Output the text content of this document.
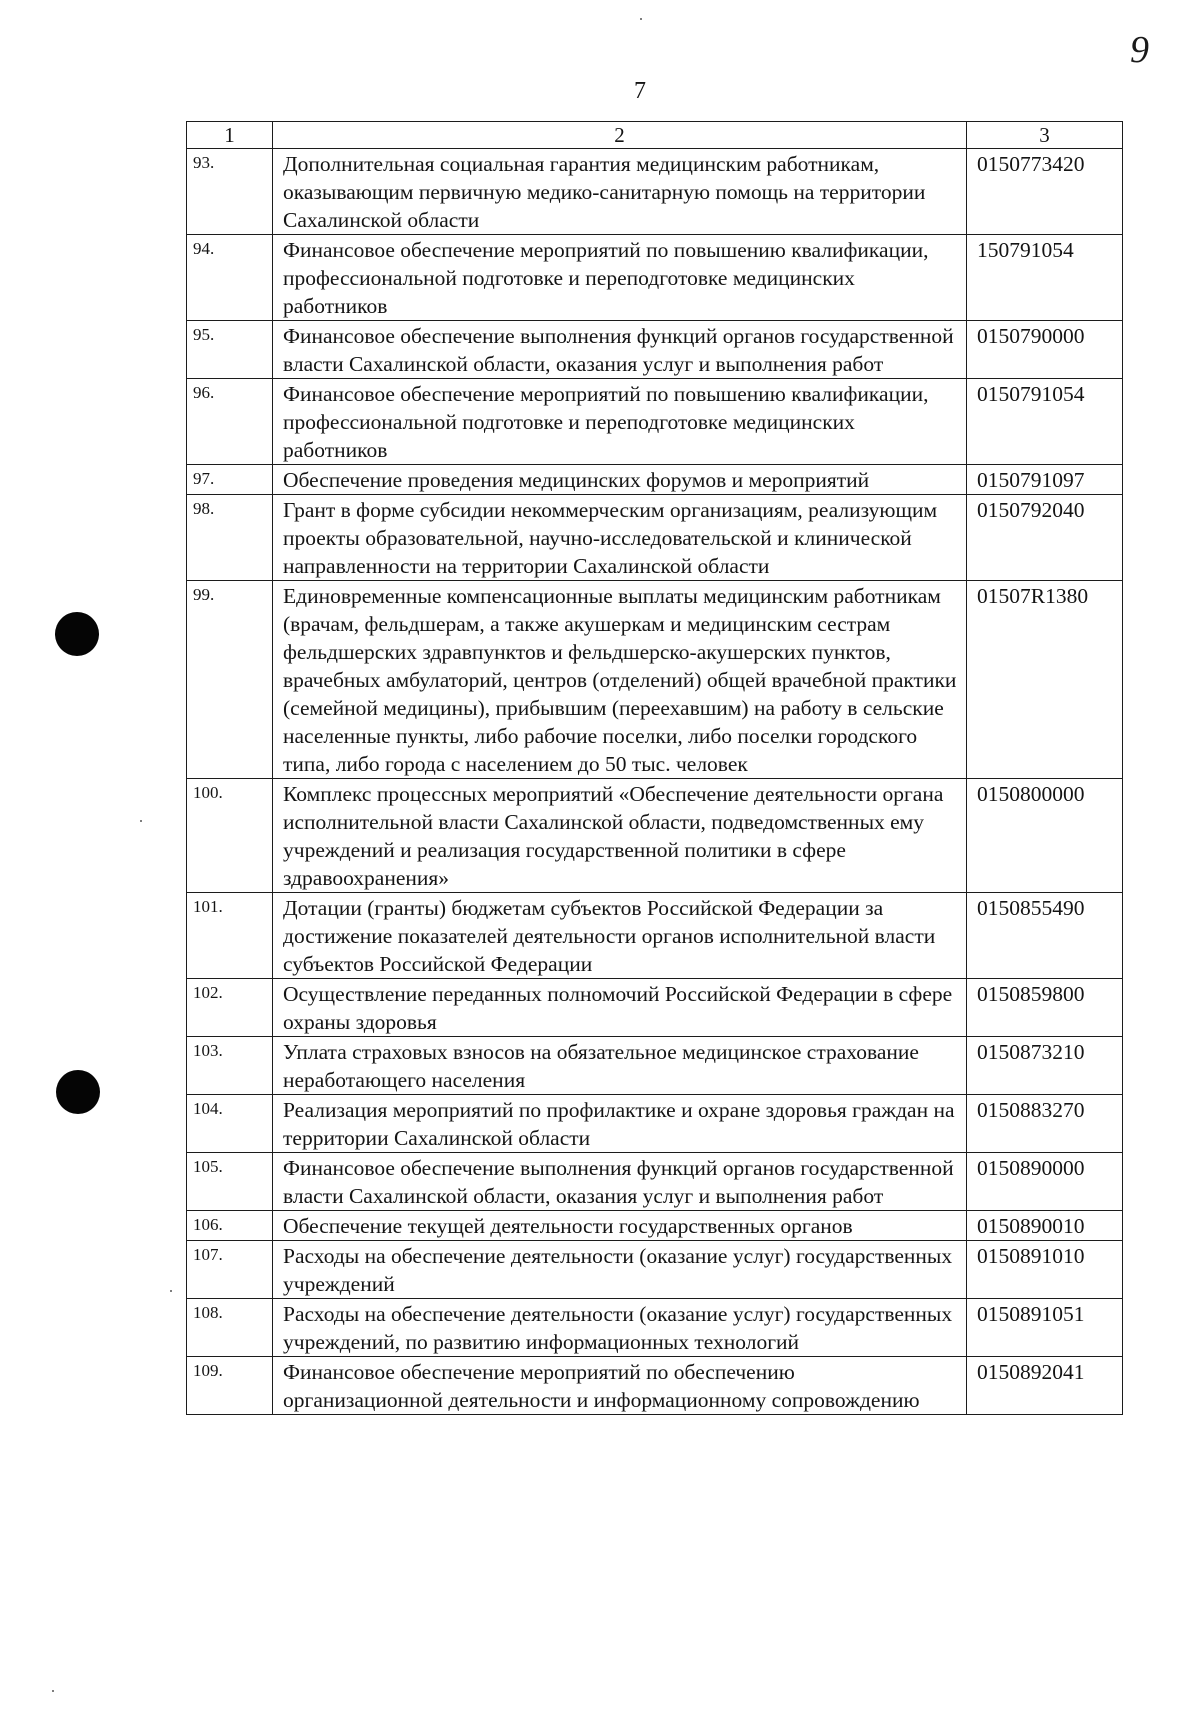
7
9
1	2	3
93.	Дополнительная социальная гарантия медицинским работникам, оказывающим первичную медико-санитарную помощь на территории Сахалинской области	0150773420
94.	Финансовое обеспечение мероприятий по повышению квалификации, профессиональной подготовке и переподготовке медицинских работников	150791054
95.	Финансовое обеспечение выполнения функций органов государственной власти Сахалинской области, оказания услуг и выполнения работ	0150790000
96.	Финансовое обеспечение мероприятий по повышению квалификации, профессиональной подготовке и переподготовке медицинских работников	0150791054
97.	Обеспечение проведения медицинских форумов и мероприятий	0150791097
98.	Грант в форме субсидии некоммерческим организациям, реализующим проекты образовательной, научно-исследовательской и клинической направленности на территории Сахалинской области	0150792040
99.	Единовременные компенсационные выплаты медицинским работникам (врачам, фельдшерам, а также акушеркам и медицинским сестрам фельдшерских здравпунктов и фельдшерско-акушерских пунктов, врачебных амбулаторий, центров (отделений) общей врачебной практики (семейной медицины), прибывшим (переехавшим) на работу в сельские населенные пункты, либо рабочие поселки, либо поселки городского типа, либо города с населением до 50 тыс. человек	01507R1380
100.	Комплекс процессных мероприятий «Обеспечение деятельности органа исполнительной власти Сахалинской области, подведомственных ему учреждений и реализация государственной политики в сфере здравоохранения»	0150800000
101.	Дотации (гранты) бюджетам субъектов Российской Федерации за достижение показателей деятельности органов исполнительной власти субъектов Российской Федерации	0150855490
102.	Осуществление переданных полномочий Российской Федерации в сфере охраны здоровья	0150859800
103.	Уплата страховых взносов на обязательное медицинское страхование неработающего населения	0150873210
104.	Реализация мероприятий по профилактике и охране здоровья граждан на территории Сахалинской области	0150883270
105.	Финансовое обеспечение выполнения функций органов государственной власти Сахалинской области, оказания услуг и выполнения работ	0150890000
106.	Обеспечение текущей деятельности государственных органов	0150890010
107.	Расходы на обеспечение деятельности (оказание услуг) государственных учреждений	0150891010
108.	Расходы на обеспечение деятельности (оказание услуг) государственных учреждений, по развитию информационных технологий	0150891051
109.	Финансовое обеспечение мероприятий по обеспечению организационной деятельности и информационному сопровождению	0150892041
